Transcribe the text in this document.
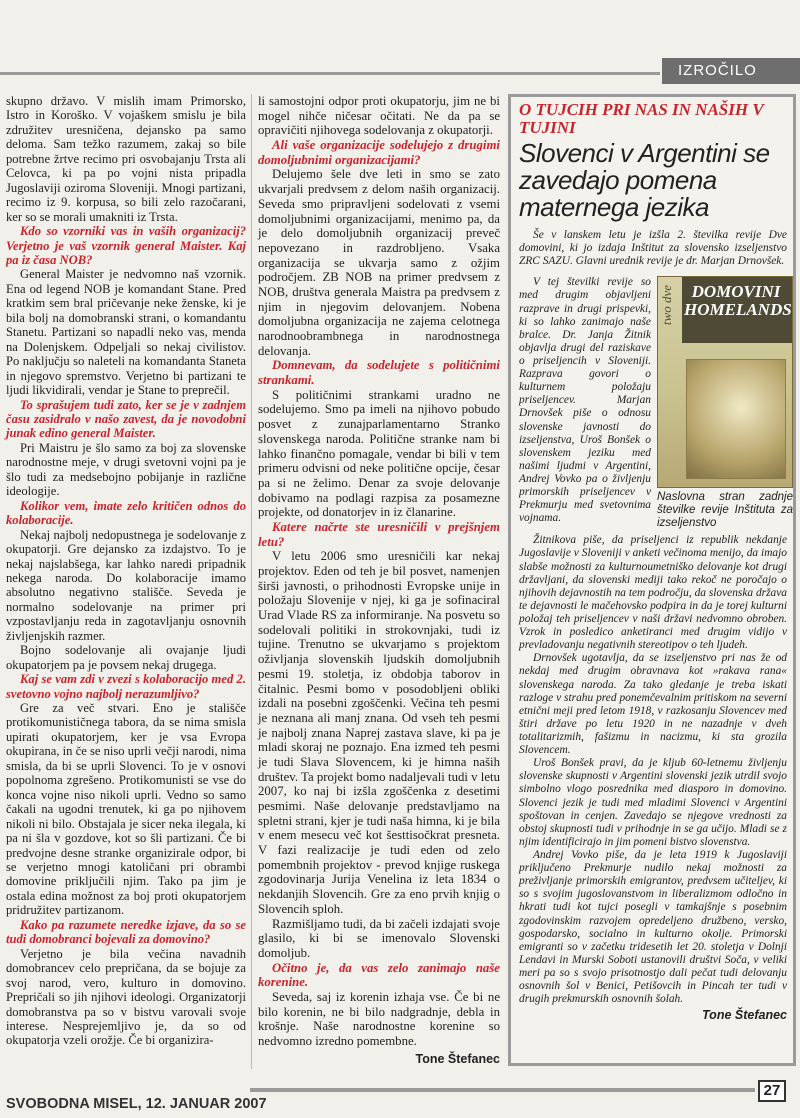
IZROČILO

skupno državo. V mislih imam Primorsko, Istro in Koroško. V vojaškem smislu je bila združitev uresničena, dejansko pa samo deloma. Sam težko razumem, zakaj so bile potrebne žrtve recimo pri osvobajanju Trsta ali Celovca, ki pa po vojni nista pripadla Jugoslaviji oziroma Sloveniji. Mnogi partizani, recimo iz 9. korpusa, so bili zelo razočarani, ker so se morali umakniti iz Trsta.

Kdo so vzorniki vas in vaših organizacij? Verjetno je vaš vzornik general Maister. Kaj pa iz časa NOB?

General Maister je nedvomno naš vzornik. Ena od legend NOB je komandant Stane. Pred kratkim sem bral pričevanje neke ženske, ki je bila bolj na domobranski strani, o komandantu Stanetu. Partizani so napadli neko vas, menda na Dolenjskem. Odpeljali so nekaj civilistov. Po naključju so naleteli na komandanta Staneta in njegovo spremstvo. Verjetno bi partizani te ljudi likvidirali, vendar je Stane to preprečil.

To sprašujem tudi zato, ker se je v zadnjem času zasidralo v našo zavest, da je novodobni junak edino general Maister.

Pri Maistru je šlo samo za boj za slovenske narodnostne meje, v drugi svetovni vojni pa je šlo tudi za medsebojno pobijanje in različne ideologije.

Kolikor vem, imate zelo kritičen odnos do kolaboracije.

Nekaj najbolj nedopustnega je sodelovanje z okupatorji. Gre dejansko za izdajstvo. To je nekaj najslabšega, kar lahko naredi pripadnik nekega naroda. Do kolaboracije imamo absolutno negativno stališče. Seveda je normalno sodelovanje na primer pri vzpostavljanju reda in zagotavljanju osnovnih življenjskih razmer.

Bojno sodelovanje ali ovajanje ljudi okupatorjem pa je povsem nekaj drugega.

Kaj se vam zdi v zvezi s kolaboracijo med 2. svetovno vojno najbolj nerazumljivo?

Gre za več stvari. Eno je stališče protikomunističnega tabora, da se nima smisla upirati okupatorjem, ker je vsa Evropa okupirana, in če se niso uprli večji narodi, nima smisla, da bi se uprli Slovenci. To je v osnovi popolnoma zgrešeno. Protikomunisti se vse do konca vojne niso nikoli uprli. Vedno so samo čakali na ugodni trenutek, ki ga po njihovem nikoli ni bilo. Obstajala je sicer neka ilegala, ki pa ni šla v gozdove, kot so šli partizani. Če bi predvojne desne stranke organizirale odpor, bi se verjetno mnogi katoličani pri obrambi domovine priključili njim. Tako pa jim je ostala edina možnost za boj proti okupatorjem pridružitev partizanom.

Kako pa razumete neredke izjave, da so se tudi domobranci bojevali za domovino?

Verjetno je bila večina navadnih domobrancev celo prepričana, da se bojuje za svoj narod, vero, kulturo in domovino. Prepričali so jih njihovi ideologi. Organizatorji domobranstva pa so v bistvu varovali svoje interese. Nesprejemljivo je, da so od okupatorja vzeli orožje. Če bi organizira-

li samostojni odpor proti okupatorju, jim ne bi mogel nihče ničesar očitati. Ne da pa se opravičiti njihovega sodelovanja z okupatorji.

Ali vaše organizacije sodelujejo z drugimi domoljubnimi organizacijami?

Delujemo šele dve leti in smo se zato ukvarjali predvsem z delom naših organizacij. Seveda smo pripravljeni sodelovati z vsemi domoljubnimi organizacijami, menimo pa, da je delo domoljubnih organizacij preveč nepovezano in razdrobljeno. Vsaka organizacija se ukvarja samo z ožjim področjem. ZB NOB na primer predvsem z NOB, društva generala Maistra pa predvsem z njim in njegovim delovanjem. Nobena domoljubna organizacija ne zajema celotnega narodnoobrambnega in narodnostnega delovanja.

Domnevam, da sodelujete s političnimi strankami.

S političnimi strankami uradno ne sodelujemo. Smo pa imeli na njihovo pobudo posvet z zunajparlamentarno Stranko slovenskega naroda. Politične stranke nam bi lahko finančno pomagale, vendar bi bili v tem primeru odvisni od neke politične opcije, česar pa si ne želimo. Denar za svoje delovanje dobivamo na podlagi razpisa za posamezne projekte, od donatorjev in iz članarine.

Katere načrte ste uresničili v prejšnjem letu?

V letu 2006 smo uresničili kar nekaj projektov. Eden od teh je bil posvet, namenjen širši javnosti, o prihodnosti Evropske unije in položaju Slovenije v njej, ki ga je sofinaciral Urad Vlade RS za informiranje. Na posvetu so sodelovali politiki in strokovnjaki, tudi iz tujine. Trenutno se ukvarjamo s projektom oživljanja slovenskih ljudskih domoljubnih pesmi 19. stoletja, iz obdobja taborov in čitalnic. Pesmi bomo v posodobljeni obliki izdali na posebni zgoščenki. Večina teh pesmi je neznana ali manj znana. Od vseh teh pesmi je najbolj znana Naprej zastava slave, ki pa je mladi skoraj ne poznajo. Ena izmed teh pesmi je tudi Slava Slovencem, ki je himna naših društev. Ta projekt bomo nadaljevali tudi v letu 2007, ko naj bi izšla zgoščenka z desetimi pesmimi. Naše delovanje predstavljamo na spletni strani, kjer je tudi naša himna, ki je bila v enem mesecu več kot šesttisočkrat presneta. V fazi realizacije je tudi eden od zelo pomembnih projektov - prevod knjige ruskega zgodovinarja Jurija Venelina iz leta 1834 o nekdanjih Slovencih. Gre za eno prvih knjig o Slovencih sploh.

Razmišljamo tudi, da bi začeli izdajati svoje glasilo, ki bi se imenovalo Slovenski domoljub.

Očitno je, da vas zelo zanimajo naše korenine.

Seveda, saj iz korenin izhaja vse. Če bi ne bilo korenin, ne bi bilo nadgradnje, debla in krošnje. Naše narodnostne korenine so nedvomno izredno pomembne.

Tone Štefanec
O TUJCIH PRI NAS IN NAŠIH V TUJINI
Slovenci v Argentini se zavedajo pomena maternega jezika

Še v lanskem letu je izšla 2. številka revije Dve domovini, ki jo izdaja Inštitut za slovensko izseljenstvo ZRC SAZU. Glavni urednik revije je dr. Marjan Drnovšek.

V tej številki revije so med drugim objavljeni razprave in drugi prispevki, ki so lahko zanimajo naše bralce. Dr. Janja Žitnik objavlja drugi del raziskave o priseljencih v Sloveniji. Razprava govori o kulturnem položaju priseljencev. Marjan Drnovšek piše o odnosu slovenske javnosti do izseljenstva, Uroš Bonšek o slovenskem jeziku med našimi ljudmi v Argentini, Andrej Vovko pa o življenju primorskih priseljencev v Prekmurju med svetovnima vojnama.

two dve	DOMOVINI HOMELANDS
Naslovna stran zadnje številke revije Inštituta za izseljenstvo

Žitnikova piše, da priseljenci iz republik nekdanje Jugoslavije v Sloveniji v anketi večinoma menijo, da imajo slabše možnosti za kulturnoumetniško delovanje kot drugi državljani, da slovenski mediji tako rekoč ne poročajo o njihovih dejavnostih na tem področju, da slovenska država te dejavnosti le mačehovsko podpira in da je torej kulturni položaj teh priseljencev v naši državi nedvomno obroben. Vzrok in posledico anketiranci med drugim vidijo v prevladovanju negativnih stereotipov o teh ljudeh.

Drnovšek ugotavlja, da se izseljenstvo pri nas že od nekdaj med drugim obravnava kot »rakava rana« slovenskega naroda. Za tako gledanje je treba iskati razloge v strahu pred ponemčevalnim pritiskom na severni etnični meji pred letom 1918, v razkosanju Slovencev med štiri države po letu 1920 in ne nazadnje v dveh totalitarizmih, fašizmu in nacizmu, ki sta grozila Slovencem.

Uroš Bonšek pravi, da je kljub 60-letnemu življenju slovenske skupnosti v Argentini slovenski jezik utrdil svojo simbolno vlogo posrednika med diasporo in domovino. Slovenci jezik je tudi med mladimi Slovenci v Argentini spoštovan in cenjen. Zavedajo se njegove vrednosti za obstoj skupnosti tudi v prihodnje in se ga učijo. Mladi se z njim identificirajo in jim pomeni bistvo slovenstva.

Andrej Vovko piše, da je leta 1919 k Jugoslaviji priključeno Prekmurje nudilo nekaj možnosti za preživljanje primorskih emigrantov, predvsem učiteljev, ki so s svojim jugoslovanstvom in liberalizmom odločno in hkrati tudi kot tujci posegli v tamkajšnje s posebnim zgodovinskim razvojem opredeljeno družbeno, versko, gospodarsko, socialno in kulturno okolje. Primorski emigranti so v začetku tridesetih let 20. stoletja v Dolnji Lendavi in Murski Soboti ustanovili društvi Soča, v veliki meri pa so s svojo prisotnostjo dali pečat tudi delovanju osnovnih šol v Benici, Petišovcih in Pincah ter tudi v drugih prekmurskih osnovnih šolah.

Tone Štefanec
27
SVOBODNA MISEL, 12. JANUAR 2007
